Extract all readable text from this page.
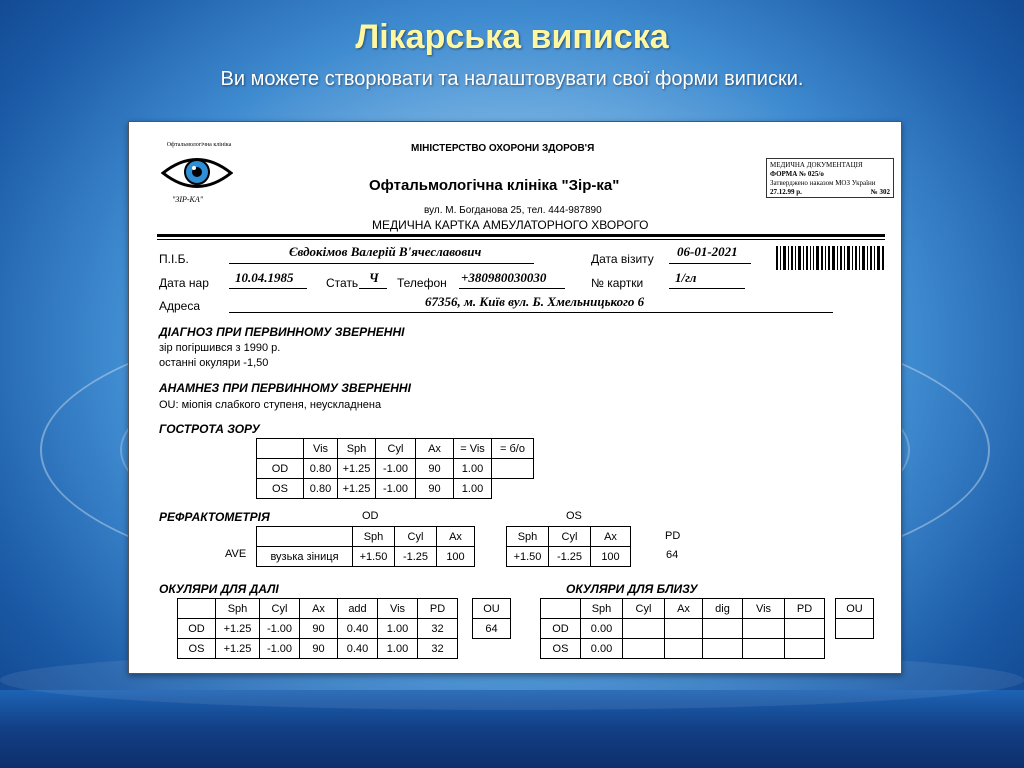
Лікарська виписка
Ви можете створювати та налаштовувати свої форми виписки.
Офтальмологічна клініка
"ЗІР-КА"
МІНІСТЕРСТВО ОХОРОНИ ЗДОРОВ'Я
Офтальмологічна клініка "Зір-ка"
вул. М. Богданова 25, тел. 444-987890
МЕДИЧНА КАРТКА АМБУЛАТОРНОГО ХВОРОГО
МЕДИЧНА ДОКУМЕНТАЦІЯ
ФОРМА № 025/о
Затверджено наказом МОЗ України
27.12.99 р.	№ 302
П.І.Б.	Євдокімов Валерій В'ячеславович	Дата візиту 06-01-2021
Дата нар 10.04.1985	Стать Ч Телефон +380980030030	№ картки 1/гл
Адреса	67356, м. Київ вул. Б. Хмельницького 6
ДІАГНОЗ ПРИ ПЕРВИННОМУ ЗВЕРНЕННІ
зір погіршився з 1990 р.
останні окуляри -1,50
АНАМНЕЗ ПРИ ПЕРВИННОМУ ЗВЕРНЕННІ
OU: міопія слабкого ступеня, неускладнена
ГОСТРОТА ЗОРУ
	Vis	Sph	Cyl	Ax	= Vis	= б/о
OD	0.80	+1.25	-1.00	90	1.00	
OS	0.80	+1.25	-1.00	90	1.00	
РЕФРАКТОМЕТРІЯ	OD	OS
AVE
	Sph	Cyl	Ax
вузька зіниця	+1.50	-1.25	100
Sph	Cyl	Ax
+1.50	-1.25	100
PD
64
ОКУЛЯРИ ДЛЯ ДАЛІ
	Sph	Cyl	Ax	add	Vis	PD
OD	+1.25	-1.00	90	0.40	1.00	32
OS	+1.25	-1.00	90	0.40	1.00	32
OU
64
ОКУЛЯРИ ДЛЯ БЛИЗУ
	Sph	Cyl	Ax	dig	Vis	PD
OD	0.00					
OS	0.00					
OU
